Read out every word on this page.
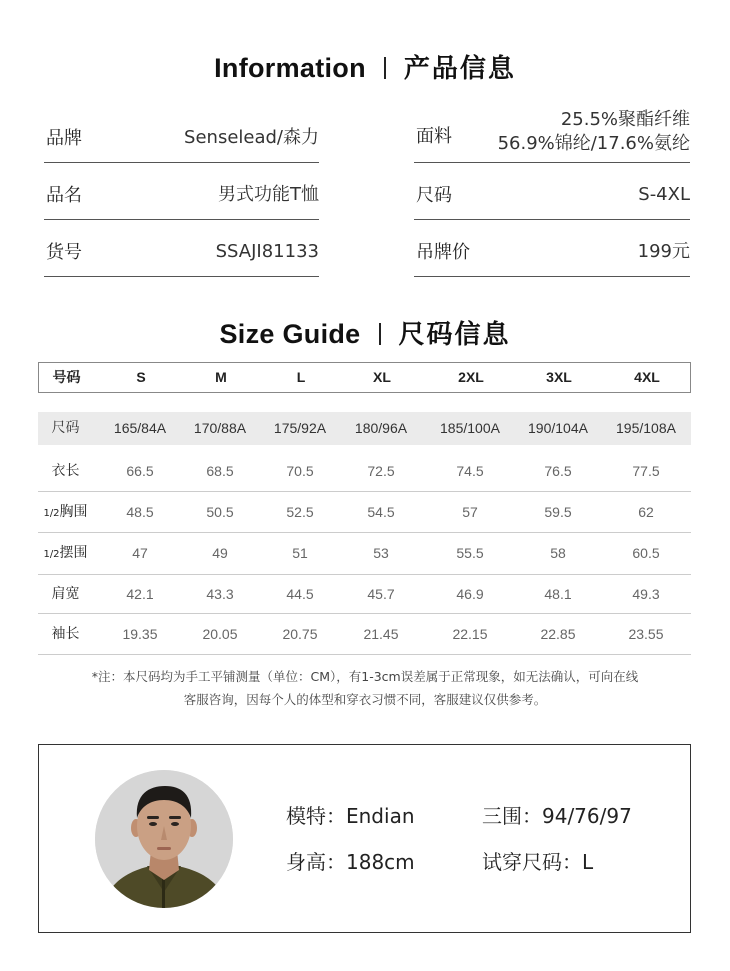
Information 产品信息
品牌	Senselead/森力
品名	男式功能T恤
货号	SSAJI81133
面料
25.5%聚酯纤维
56.9%锦纶/17.6%氨纶
尺码	S-4XL
吊牌价	199元
Size Guide 尺码信息
号码	S	M	L	XL	2XL	3XL	4XL
尺码	165/84A	170/88A	175/92A	180/96A	185/100A	190/104A	195/108A
衣长	66.5	68.5	70.5	72.5	74.5	76.5	77.5
1/2胸围	48.5	50.5	52.5	54.5	57	59.5	62
1/2摆围	47	49	51	53	55.5	58	60.5
肩宽	42.1	43.3	44.5	45.7	46.9	48.1	49.3
袖长	19.35	20.05	20.75	21.45	22.15	22.85	23.55
*注：本尺码均为手工平铺测量（单位：CM），有1-3cm误差属于正常现象，如无法确认，可向在线
客服咨询，因每个人的体型和穿衣习惯不同，客服建议仅供参考。
模特：Endian	三围：94/76/97
身高：188cm	试穿尺码：L
